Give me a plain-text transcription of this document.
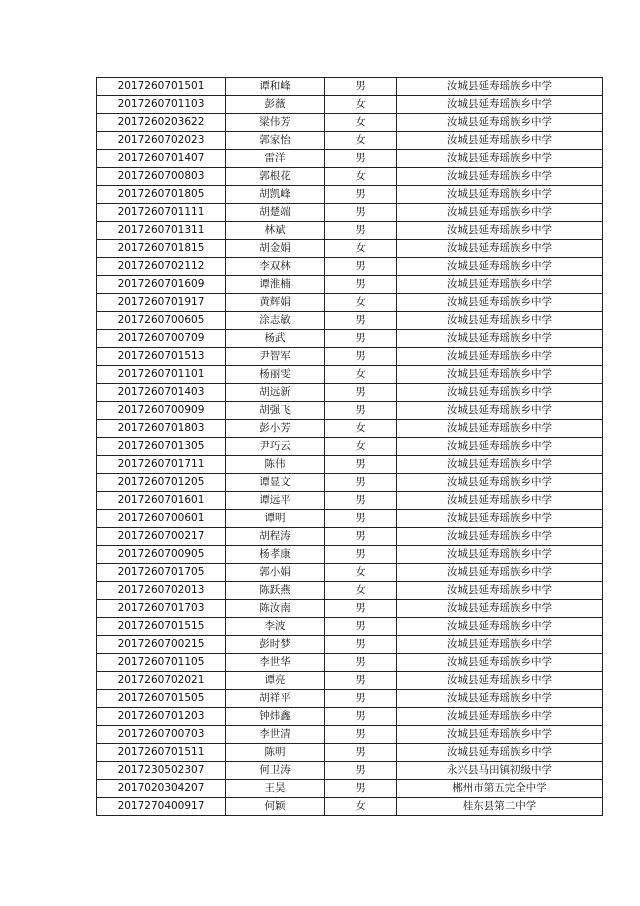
2017260701501	谭和峰	男	汝城县延寿瑶族乡中学
2017260701103	彭薇	女	汝城县延寿瑶族乡中学
2017260203622	梁伟芳	女	汝城县延寿瑶族乡中学
2017260702023	郭家怡	女	汝城县延寿瑶族乡中学
2017260701407	雷洋	男	汝城县延寿瑶族乡中学
2017260700803	郭根花	女	汝城县延寿瑶族乡中学
2017260701805	胡凯峰	男	汝城县延寿瑶族乡中学
2017260701111	胡楚端	男	汝城县延寿瑶族乡中学
2017260701311	林斌	男	汝城县延寿瑶族乡中学
2017260701815	胡金娟	女	汝城县延寿瑶族乡中学
2017260702112	李双林	男	汝城县延寿瑶族乡中学
2017260701609	谭淮楠	男	汝城县延寿瑶族乡中学
2017260701917	黄辉娟	女	汝城县延寿瑶族乡中学
2017260700605	涂志敏	男	汝城县延寿瑶族乡中学
2017260700709	杨武	男	汝城县延寿瑶族乡中学
2017260701513	尹智军	男	汝城县延寿瑶族乡中学
2017260701101	杨丽雯	女	汝城县延寿瑶族乡中学
2017260701403	胡远新	男	汝城县延寿瑶族乡中学
2017260700909	胡强飞	男	汝城县延寿瑶族乡中学
2017260701803	彭小芳	女	汝城县延寿瑶族乡中学
2017260701305	尹巧云	女	汝城县延寿瑶族乡中学
2017260701711	陈伟	男	汝城县延寿瑶族乡中学
2017260701205	谭显文	男	汝城县延寿瑶族乡中学
2017260701601	谭远平	男	汝城县延寿瑶族乡中学
2017260700601	谭明	男	汝城县延寿瑶族乡中学
2017260700217	胡程涛	男	汝城县延寿瑶族乡中学
2017260700905	杨孝康	男	汝城县延寿瑶族乡中学
2017260701705	郭小娟	女	汝城县延寿瑶族乡中学
2017260702013	陈跃燕	女	汝城县延寿瑶族乡中学
2017260701703	陈汝南	男	汝城县延寿瑶族乡中学
2017260701515	李波	男	汝城县延寿瑶族乡中学
2017260700215	彭时梦	男	汝城县延寿瑶族乡中学
2017260701105	李世华	男	汝城县延寿瑶族乡中学
2017260702021	谭亮	男	汝城县延寿瑶族乡中学
2017260701505	胡祥平	男	汝城县延寿瑶族乡中学
2017260701203	钟炜鑫	男	汝城县延寿瑶族乡中学
2017260700703	李世清	男	汝城县延寿瑶族乡中学
2017260701511	陈明	男	汝城县延寿瑶族乡中学
2017230502307	何卫涛	男	永兴县马田镇初级中学
2017020304207	王昊	男	郴州市第五完全中学
2017270400917	何颖	女	桂东县第二中学
